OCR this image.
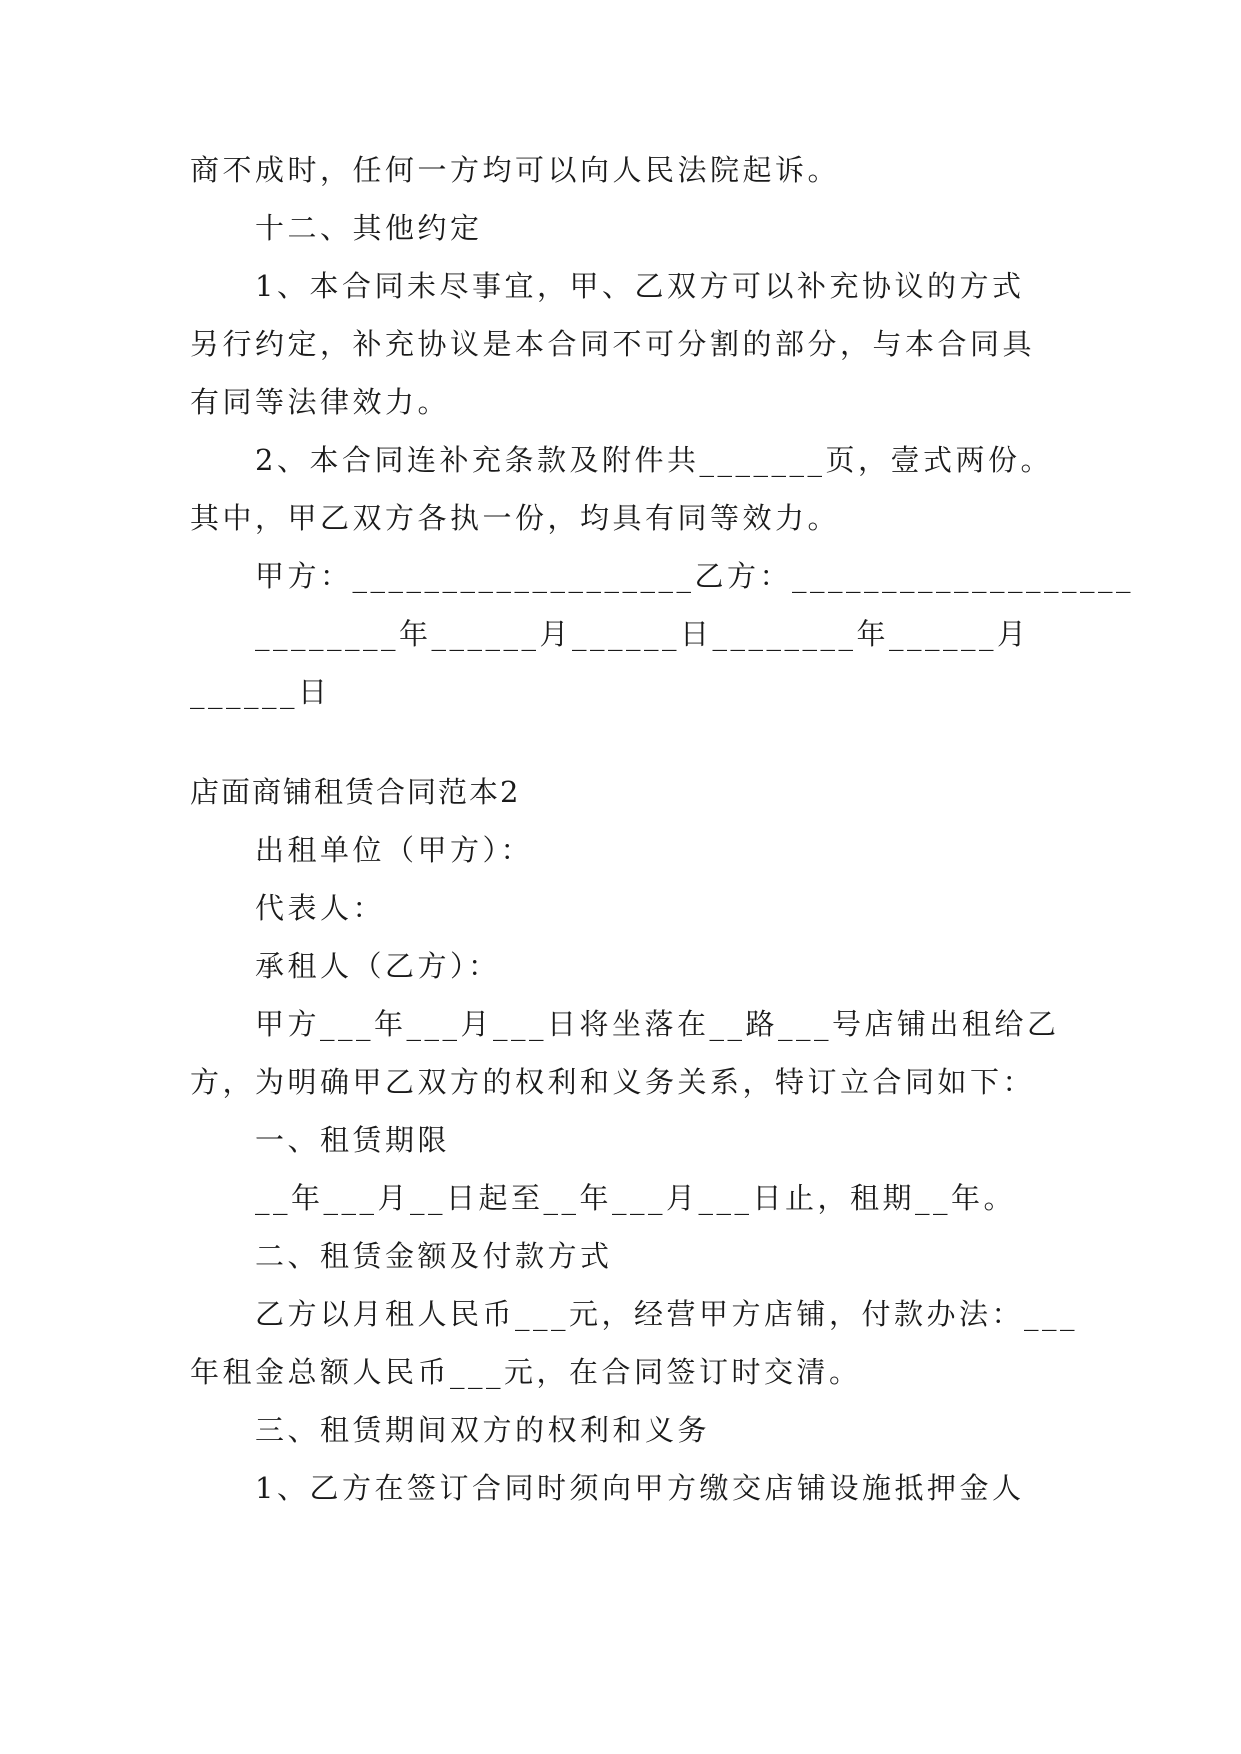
商不成时，任何一方均可以向人民法院起诉。
十二、其他约定
1、本合同未尽事宜，甲、乙双方可以补充协议的方式
另行约定，补充协议是本合同不可分割的部分，与本合同具
有同等法律效力。
2、本合同连补充条款及附件共_______页，壹式两份。
其中，甲乙双方各执一份，均具有同等效力。
甲方：___________________乙方：___________________
________年______月______日________年______月
______日
店面商铺租赁合同范本2
出租单位（甲方）：
代表人：
承租人（乙方）：
甲方___年___月___日将坐落在__路___号店铺出租给乙
方，为明确甲乙双方的权利和义务关系，特订立合同如下：
一、租赁期限
__年___月__日起至__年___月___日止，租期__年。
二、租赁金额及付款方式
乙方以月租人民币___元，经营甲方店铺，付款办法：___
年租金总额人民币___元，在合同签订时交清。
三、租赁期间双方的权利和义务
1、乙方在签订合同时须向甲方缴交店铺设施抵押金人
